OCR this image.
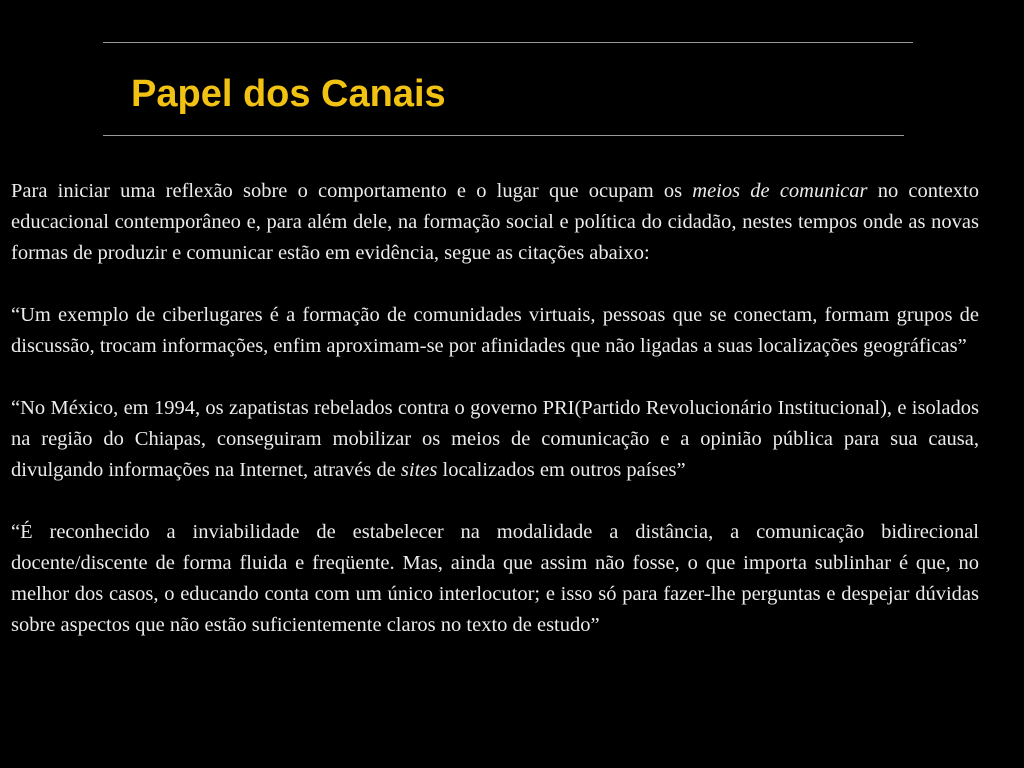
Papel dos Canais

Para iniciar uma reflexão sobre o comportamento e o lugar que ocupam os meios de comunicar no contexto educacional contemporâneo e, para além dele, na formação social e política do cidadão, nestes tempos onde as novas formas de produzir e comunicar estão em evidência, segue as citações abaixo:

“Um exemplo de ciberlugares é a formação de comunidades virtuais, pessoas que se conectam, formam grupos de discussão, trocam informações, enfim aproximam-se por afinidades que não ligadas a suas localizações geográficas”

“No México, em 1994, os zapatistas rebelados contra o governo PRI(Partido Revolucionário Institucional), e isolados na região do Chiapas, conseguiram mobilizar os meios de comunicação e a opinião pública para sua causa, divulgando informações na Internet, através de sites localizados em outros países”

“É reconhecido a inviabilidade de estabelecer na modalidade a distância, a comunicação bidirecional docente/discente de forma fluida e freqüente. Mas, ainda que assim não fosse, o que importa sublinhar é que, no melhor dos casos, o educando conta com um único interlocutor; e isso só para fazer-lhe perguntas e despejar dúvidas sobre aspectos que não estão suficientemente claros no texto de estudo”
